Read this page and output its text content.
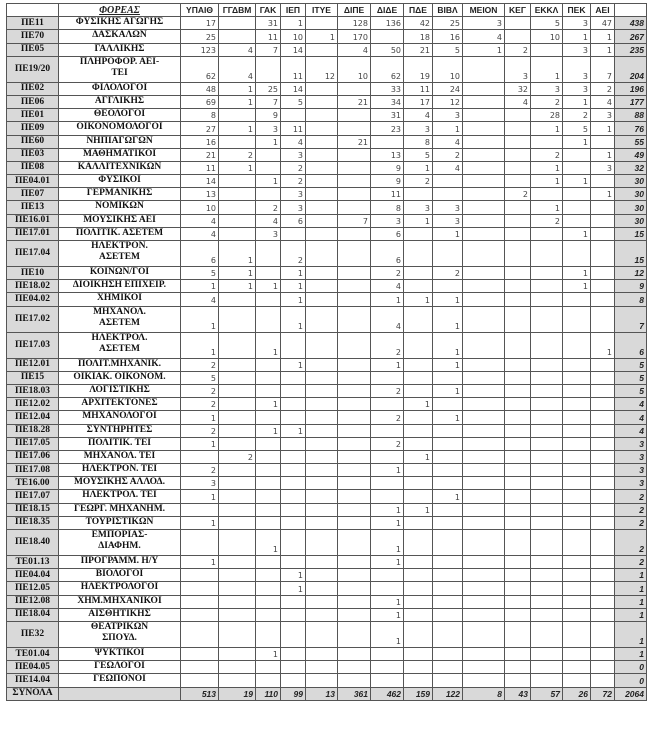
	ΦΟΡΕΑΣ	ΥΠΑΙΘ	ΓΓΔΒΜ	ΓΑΚ	ΙΕΠ	ΙΤΥΕ	ΔΙΠΕ	ΔΙΔΕ	ΠΔΕ	ΒΙΒΛ	ΜΕΙΟΝ	ΚΕΓ	ΕΚΚΛ	ΠΕΚ	ΑΕΙ	
ΠΕ11	ΦΥΣΙΚΗΣ ΑΓΩΓΗΣ	17		31	1		128	136	42	25	3		5	3	47	438
ΠΕ70	ΔΑΣΚΑΛΩΝ	25		11	10	1	170		18	16	4		10	1	1	267
ΠΕ05	ΓΑΛΛΙΚΗΣ	123	4	7	14		4	50	21	5	1	2		3	1	235
ΠΕ19/20	ΠΛΗΡΟΦΟΡ. ΑΕΙ-
ΤΕΙ	62	4		11	12	10	62	19	10		3	1	3	7	204
ΠΕ02	ΦΙΛΟΛΟΓΟΙ	48	1	25	14			33	11	24		32	3	3	2	196
ΠΕ06	ΑΓΓΛΙΚΗΣ	69	1	7	5		21	34	17	12		4	2	1	4	177
ΠΕ01	ΘΕΟΛΟΓΟΙ	8		9				31	4	3			28	2	3	88
ΠΕ09	ΟΙΚΟΝΟΜΟΛΟΓΟΙ	27	1	3	11			23	3	1			1	5	1	76
ΠΕ60	ΝΗΠΙΑΓΩΓΩΝ	16		1	4		21		8	4				1		55
ΠΕ03	ΜΑΘΗΜΑΤΙΚΟΙ	21	2		3			13	5	2			2		1	49
ΠΕ08	ΚΑΛΛΙΤΕΧΝΙΚΩΝ	11	1		2			9	1	4			1		3	32
ΠΕ04.01	ΦΥΣΙΚΟΙ	14		1	2			9	2				1	1		30
ΠΕ07	ΓΕΡΜΑΝΙΚΗΣ	13			3			11				2			1	30
ΠΕ13	ΝΟΜΙΚΩΝ	10		2	3			8	3	3			1			30
ΠΕ16.01	ΜΟΥΣΙΚΗΣ ΑΕΙ	4		4	6		7	3	1	3			2			30
ΠΕ17.01	ΠΟΛΙΤΙΚ. ΑΣΕΤΕΜ	4		3				6		1				1		15
ΠΕ17.04	ΗΛΕΚΤΡΟΝ.
ΑΣΕΤΕΜ	6	1		2			6								15
ΠΕ10	ΚΟΙΝΩΝ/ΓΟΙ	5	1		1			2		2				1		12
ΠΕ18.02	ΔΙΟΙΚΗΣΗ ΕΠΙΧΕΙΡ.	1	1	1	1			4						1		9
ΠΕ04.02	ΧΗΜΙΚΟΙ	4			1			1	1	1						8
ΠΕ17.02	ΜΗΧΑΝΟΛ.
ΑΣΕΤΕΜ	1			1			4		1						7
ΠΕ17.03	ΗΛΕΚΤΡΟΛ.
ΑΣΕΤΕΜ	1		1				2		1					1	6
ΠΕ12.01	ΠΟΛΙΤ.ΜΗΧΑΝΙΚ.	2			1			1		1						5
ΠΕ15	ΟΙΚΙΑΚ. ΟΙΚΟΝΟΜ.	5														5
ΠΕ18.03	ΛΟΓΙΣΤΙΚΗΣ	2						2		1						5
ΠΕ12.02	ΑΡΧΙΤΕΚΤΟΝΕΣ	2		1					1							4
ΠΕ12.04	ΜΗΧΑΝΟΛΟΓΟΙ	1						2		1						4
ΠΕ18.28	ΣΥΝΤΗΡΗΤΕΣ	2		1	1											4
ΠΕ17.05	ΠΟΛΙΤΙΚ. ΤΕΙ	1						2								3
ΠΕ17.06	ΜΗΧΑΝΟΛ. ΤΕΙ		2						1							3
ΠΕ17.08	ΗΛΕΚΤΡΟΝ. ΤΕΙ	2						1								3
ΤΕ16.00	ΜΟΥΣΙΚΗΣ ΑΛΛΟΔ.	3														3
ΠΕ17.07	ΗΛΕΚΤΡΟΛ. ΤΕΙ	1								1						2
ΠΕ18.15	ΓΕΩΡΓ. ΜΗΧΑΝΗΜ.							1	1							2
ΠΕ18.35	ΤΟΥΡΙΣΤΙΚΩΝ	1						1								2
ΠΕ18.40	ΕΜΠΟΡΙΑΣ-
ΔΙΑΦΗΜ.			1				1								2
ΤΕ01.13	ΠΡΟΓΡΑΜΜ. Η/Υ	1						1								2
ΠΕ04.04	ΒΙΟΛΟΓΟΙ				1											1
ΠΕ12.05	ΗΛΕΚΤΡΟΛΟΓΟΙ				1											1
ΠΕ12.08	ΧΗΜ.ΜΗΧΑΝΙΚΟΙ							1								1
ΠΕ18.04	ΑΙΣΘΗΤΙΚΗΣ							1								1
ΠΕ32	ΘΕΑΤΡΙΚΩΝ
ΣΠΟΥΔ.							1								1
ΤΕ01.04	ΨΥΚΤΙΚΟΙ			1												1
ΠΕ04.05	ΓΕΩΛΟΓΟΙ															0
ΠΕ14.04	ΓΕΩΠΟΝΟΙ															0
ΣΥΝΟΛΑ		513	19	110	99	13	361	462	159	122	8	43	57	26	72	2064
